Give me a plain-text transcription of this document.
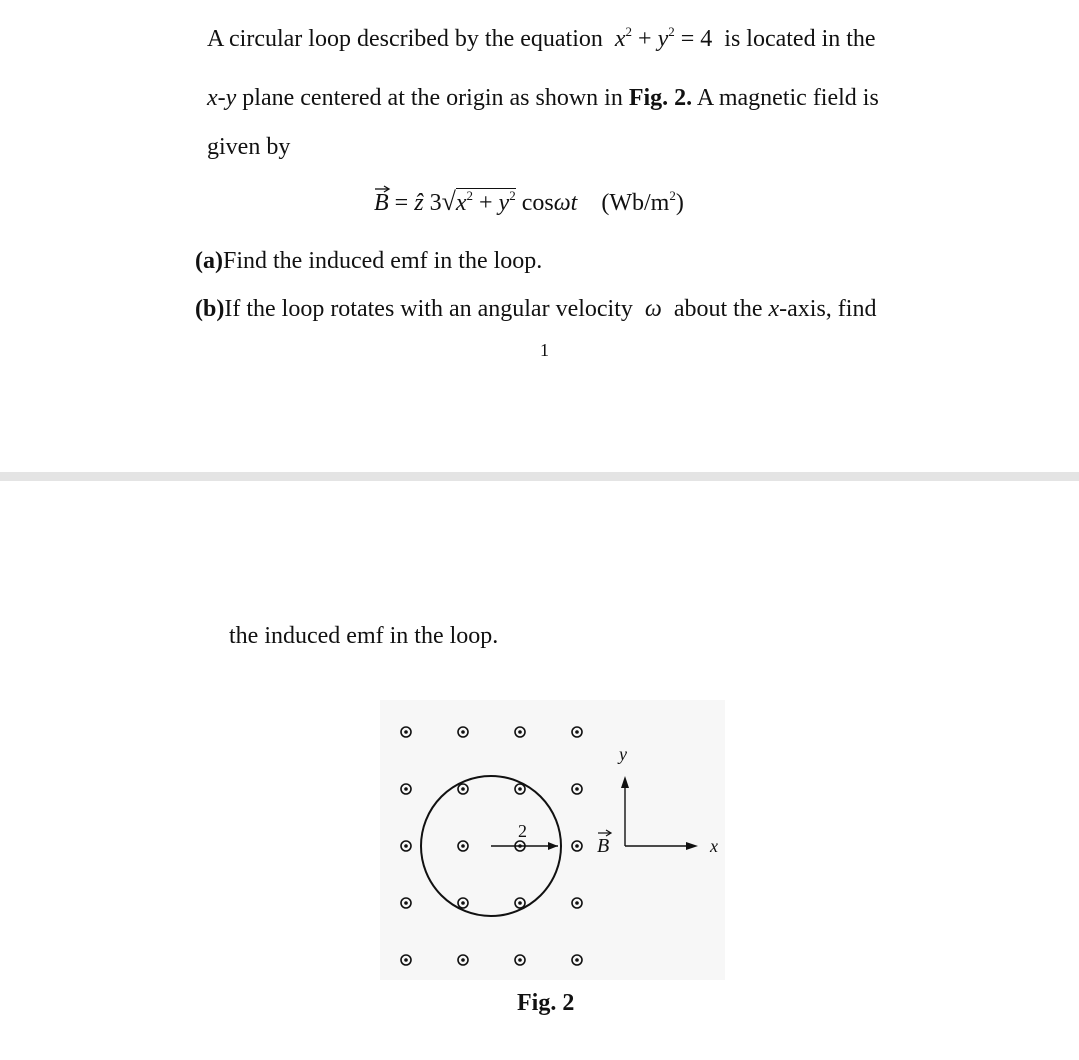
A circular loop described by the equation $x^2 + y^2 = 4$ is located in the
x-y plane centered at the origin as shown in Fig. 2. A magnetic field is
given by
B = ẑ $3√x^2 + y^2$ cosωt $(Wb/m^2)$
(a)Find the induced emf in the loop.
(b)If the loop rotates with an angular velocity ω about the x-axis, find
1
the induced emf in the loop.
2
B
y
x
Fig. 2
